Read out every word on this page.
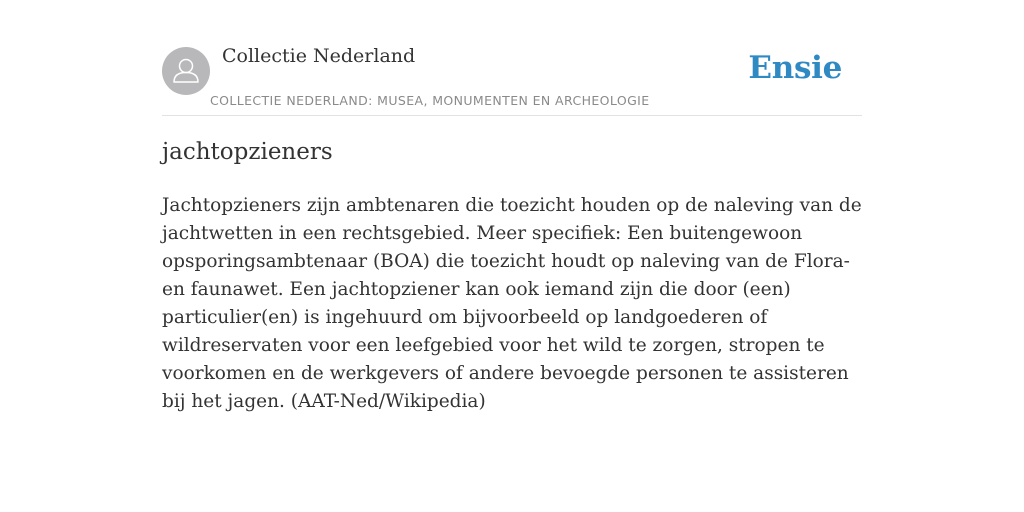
Collectie Nederland
COLLECTIE NEDERLAND: MUSEA, MONUMENTEN EN ARCHEOLOGIE
Ensie
jachtopzieners

Jachtopzieners zijn ambtenaren die toezicht houden op de naleving van de jachtwetten in een rechtsgebied. Meer specifiek: Een buitengewoon opsporingsambtenaar (BOA) die toezicht houdt op naleving van de Flora- en faunawet. Een jachtopziener kan ook iemand zijn die door (een) particulier(en) is ingehuurd om bijvoorbeeld op landgoederen of wildreservaten voor een leefgebied voor het wild te zorgen, stropen te voorkomen en de werkgevers of andere bevoegde personen te assisteren bij het jagen. (AAT-Ned/Wikipedia)
